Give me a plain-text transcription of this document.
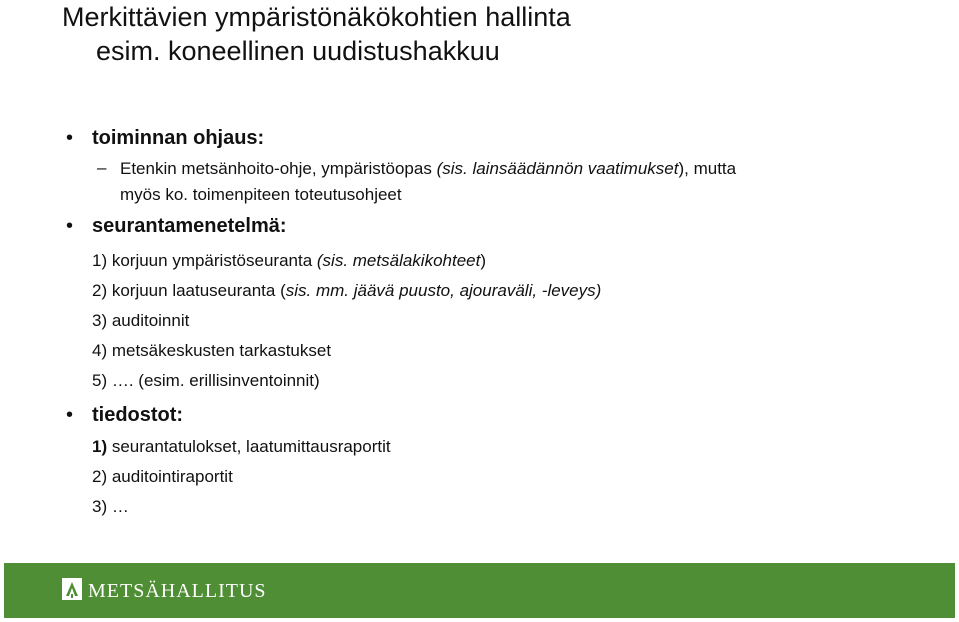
Merkittävien ympäristönäkökohtien hallinta
esim. koneellinen uudistushakkuu
• toiminnan ohjaus:
– Etenkin metsänhoito-ohje, ympäristöopas (sis. lainsäädännön vaatimukset), mutta
myös ko. toimenpiteen toteutusohjeet
• seurantamenetelmä:
1) korjuun ympäristöseuranta (sis. metsälakikohteet)
2) korjuun laatuseuranta (sis. mm. jäävä puusto, ajouraväli, -leveys)
3) auditoinnit
4) metsäkeskusten tarkastukset
5) …. (esim. erillisinventoinnit)
• tiedostot:
1) seurantatulokset, laatumittausraportit
2) auditointiraportit
3) …
METSÄHALLITUS
